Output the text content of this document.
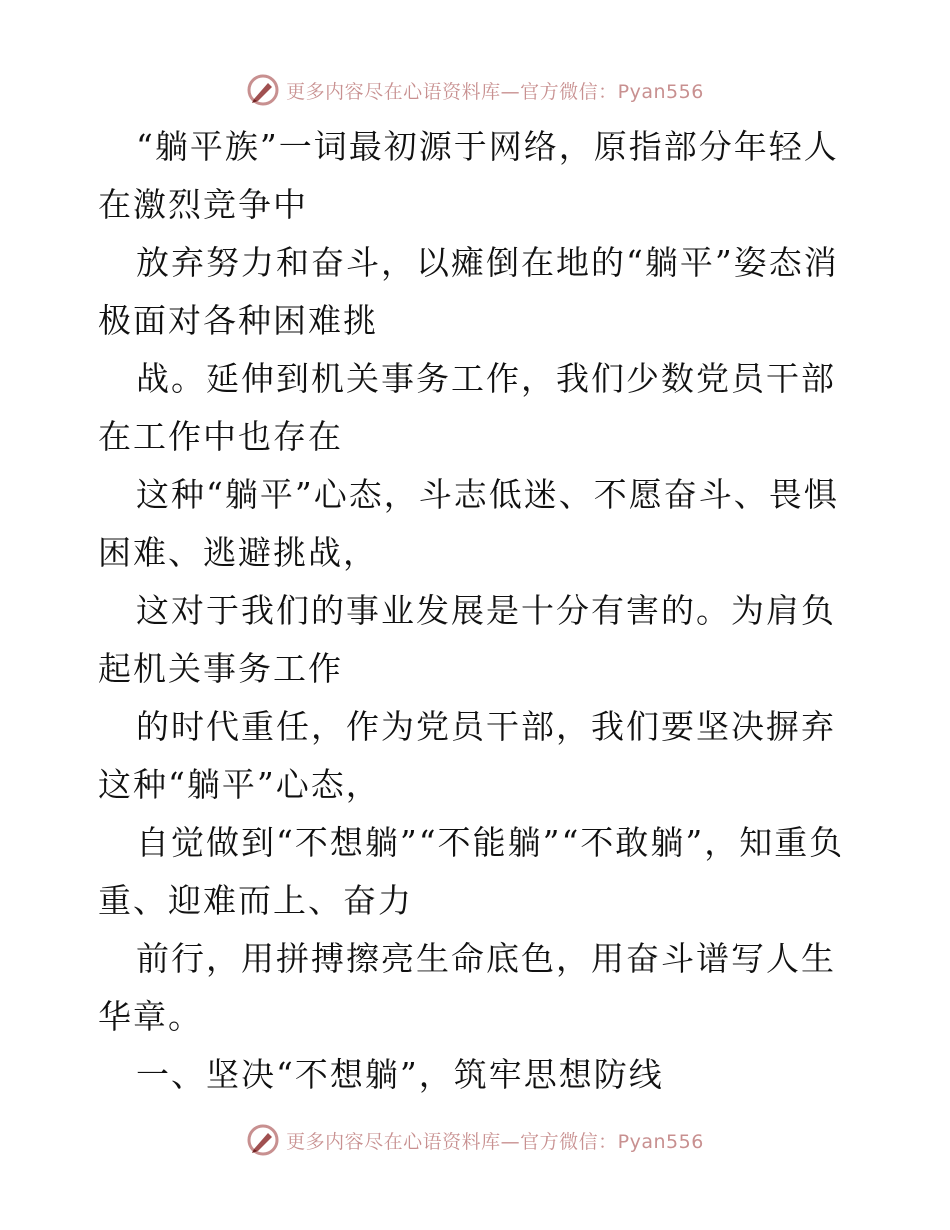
更多内容尽在心语资料库—官方微信：Pyan556

“躺平族”一词最初源于网络，原指部分年轻人在激烈竞争中

放弃努力和奋斗，以瘫倒在地的“躺平”姿态消极面对各种困难挑

战。延伸到机关事务工作，我们少数党员干部在工作中也存在

这种“躺平”心态，斗志低迷、不愿奋斗、畏惧困难、逃避挑战，

这对于我们的事业发展是十分有害的。为肩负起机关事务工作

的时代重任，作为党员干部，我们要坚决摒弃这种“躺平”心态，

自觉做到“不想躺”“不能躺”“不敢躺”，知重负重、迎难而上、奋力

前行，用拼搏擦亮生命底色，用奋斗谱写人生华章。

一、坚决“不想躺”，筑牢思想防线

更多内容尽在心语资料库—官方微信：Pyan556
